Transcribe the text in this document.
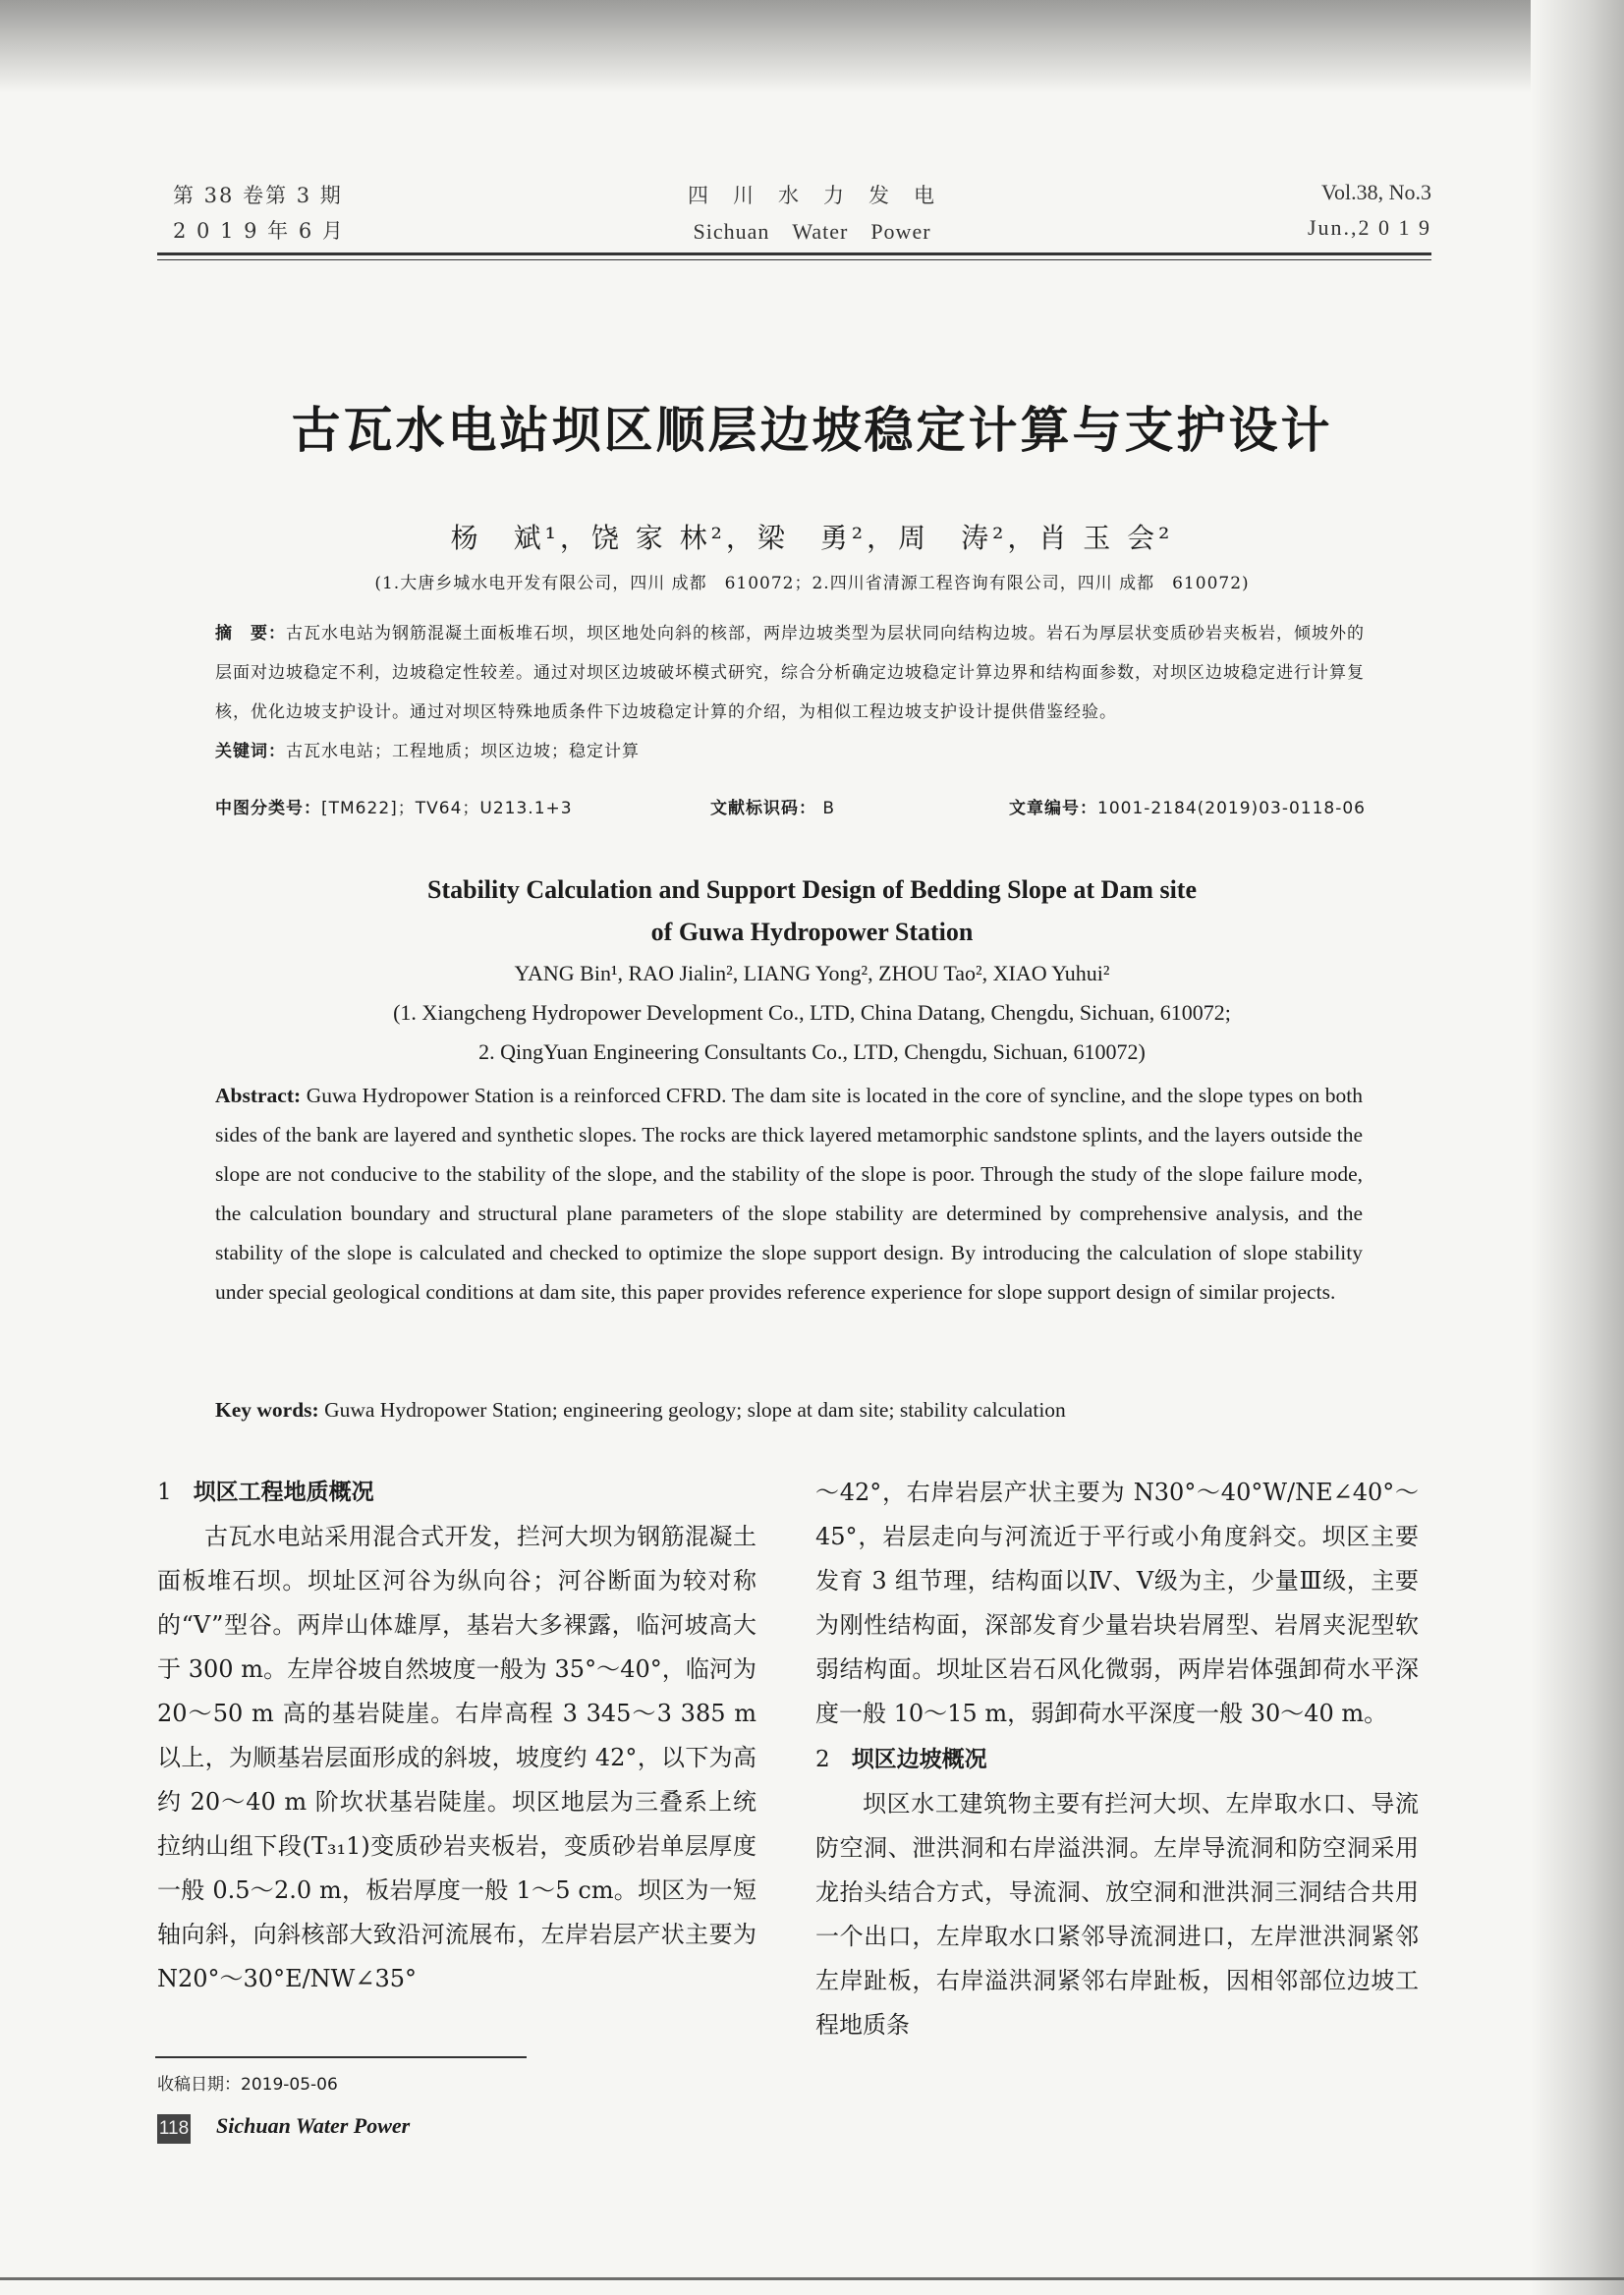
第 38 卷第 3 期
2 0 1 9 年 6 月
四　川　水　力　发　电
Sichuan　Water　Power
Vol.38, No.3
Jun.,2 0 1 9
古瓦水电站坝区顺层边坡稳定计算与支护设计
杨　斌¹，饶 家 林²，梁　勇²，周　涛²，肖 玉 会²
(1.大唐乡城水电开发有限公司，四川 成都　610072；2.四川省清源工程咨询有限公司，四川 成都　610072)
摘　要：古瓦水电站为钢筋混凝土面板堆石坝，坝区地处向斜的核部，两岸边坡类型为层状同向结构边坡。岩石为厚层状变质砂岩夹板岩，倾坡外的层面对边坡稳定不利，边坡稳定性较差。通过对坝区边坡破坏模式研究，综合分析确定边坡稳定计算边界和结构面参数，对坝区边坡稳定进行计算复核，优化边坡支护设计。通过对坝区特殊地质条件下边坡稳定计算的介绍，为相似工程边坡支护设计提供借鉴经验。
关键词：古瓦水电站；工程地质；坝区边坡；稳定计算
中图分类号：[TM622]；TV64；U213.1+3	文献标识码： B	文章编号：1001-2184(2019)03-0118-06
Stability Calculation and Support Design of Bedding Slope at Dam site
of Guwa Hydropower Station
YANG Bin¹, RAO Jialin², LIANG Yong², ZHOU Tao², XIAO Yuhui²
(1. Xiangcheng Hydropower Development Co., LTD, China Datang, Chengdu, Sichuan, 610072;
2. QingYuan Engineering Consultants Co., LTD, Chengdu, Sichuan, 610072)
Abstract: Guwa Hydropower Station is a reinforced CFRD. The dam site is located in the core of syncline, and the slope types on both sides of the bank are layered and synthetic slopes. The rocks are thick layered metamorphic sandstone splints, and the layers outside the slope are not conducive to the stability of the slope, and the stability of the slope is poor. Through the study of the slope failure mode, the calculation boundary and structural plane parameters of the slope stability are determined by comprehensive analysis, and the stability of the slope is calculated and checked to optimize the slope support design. By introducing the calculation of slope stability under special geological conditions at dam site, this paper provides reference experience for slope support design of similar projects.
Key words: Guwa Hydropower Station; engineering geology; slope at dam site; stability calculation

1 坝区工程地质概况

古瓦水电站采用混合式开发，拦河大坝为钢筋混凝土面板堆石坝。坝址区河谷为纵向谷；河谷断面为较对称的“V”型谷。两岸山体雄厚，基岩大多裸露，临河坡高大于 300 m。左岸谷坡自然坡度一般为 35°～40°，临河为 20～50 m 高的基岩陡崖。右岸高程 3 345～3 385 m 以上，为顺基岩层面形成的斜坡，坡度约 42°，以下为高约 20～40 m 阶坎状基岩陡崖。坝区地层为三叠系上统拉纳山组下段(T₃₁1)变质砂岩夹板岩，变质砂岩单层厚度一般 0.5～2.0 m，板岩厚度一般 1～5 cm。坝区为一短轴向斜，向斜核部大致沿河流展布，左岸岩层产状主要为 N20°～30°E/NW∠35°

～42°，右岸岩层产状主要为 N30°～40°W/NE∠40°～45°，岩层走向与河流近于平行或小角度斜交。坝区主要发育 3 组节理，结构面以Ⅳ、Ⅴ级为主，少量Ⅲ级，主要为刚性结构面，深部发育少量岩块岩屑型、岩屑夹泥型软弱结构面。坝址区岩石风化微弱，两岸岩体强卸荷水平深度一般 10～15 m，弱卸荷水平深度一般 30～40 m。

2 坝区边坡概况

坝区水工建筑物主要有拦河大坝、左岸取水口、导流防空洞、泄洪洞和右岸溢洪洞。左岸导流洞和防空洞采用龙抬头结合方式，导流洞、放空洞和泄洪洞三洞结合共用一个出口，左岸取水口紧邻导流洞进口，左岸泄洪洞紧邻左岸趾板，右岸溢洪洞紧邻右岸趾板，因相邻部位边坡工程地质条

收稿日期：2019-05-06
118 Sichuan Water Power
